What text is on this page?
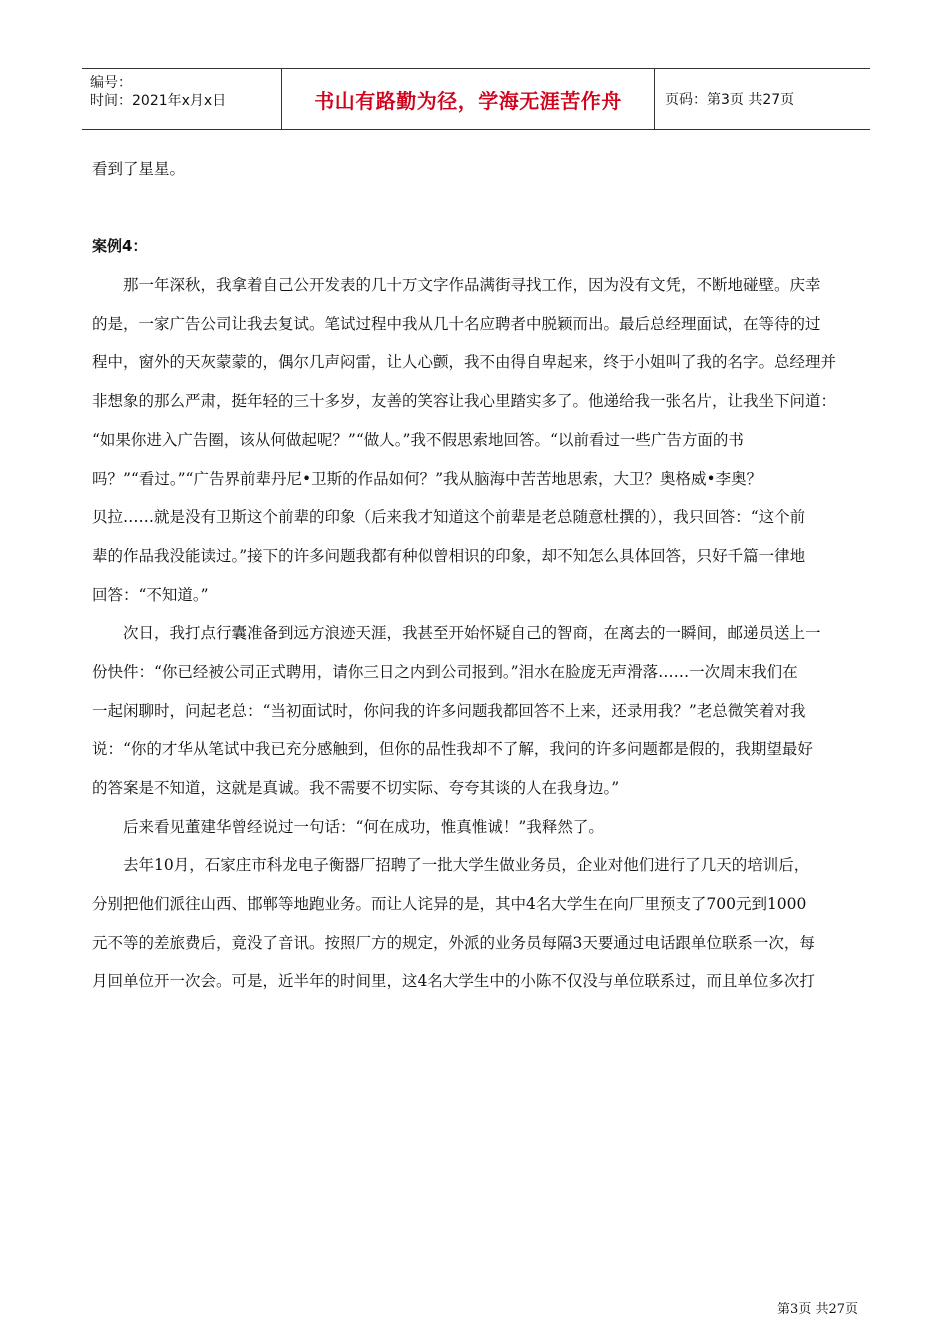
编号：
时间：2021年x月x日	书山有路勤为径，学海无涯苦作舟	页码：第3页 共27页
看到了星星。
案例4：
　　那一年深秋，我拿着自己公开发表的几十万文字作品满街寻找工作，因为没有文凭，不断地碰壁。庆幸
的是，一家广告公司让我去复试。笔试过程中我从几十名应聘者中脱颖而出。最后总经理面试，在等待的过
程中，窗外的天灰蒙蒙的，偶尔几声闷雷，让人心颤，我不由得自卑起来，终于小姐叫了我的名字。总经理并
非想象的那么严肃，挺年轻的三十多岁，友善的笑容让我心里踏实多了。他递给我一张名片，让我坐下问道：
“如果你进入广告圈，该从何做起呢？”“做人。”我不假思索地回答。“以前看过一些广告方面的书
吗？”“看过。”“广告界前辈丹尼•卫斯的作品如何？”我从脑海中苦苦地思索，大卫？奥格威•李奥？
贝拉……就是没有卫斯这个前辈的印象（后来我才知道这个前辈是老总随意杜撰的），我只回答：“这个前
辈的作品我没能读过。”接下的许多问题我都有种似曾相识的印象，却不知怎么具体回答，只好千篇一律地
回答：“不知道。”
　　次日，我打点行囊准备到远方浪迹天涯，我甚至开始怀疑自己的智商，在离去的一瞬间，邮递员送上一
份快件：“你已经被公司正式聘用，请你三日之内到公司报到。”泪水在脸庞无声滑落……一次周末我们在
一起闲聊时，问起老总：“当初面试时，你问我的许多问题我都回答不上来，还录用我？”老总微笑着对我
说：“你的才华从笔试中我已充分感触到，但你的品性我却不了解，我问的许多问题都是假的，我期望最好
的答案是不知道，这就是真诚。我不需要不切实际、夸夸其谈的人在我身边。”
　　后来看见董建华曾经说过一句话：“何在成功，惟真惟诚！”我释然了。
　　去年10月，石家庄市科龙电子衡器厂招聘了一批大学生做业务员，企业对他们进行了几天的培训后，
分别把他们派往山西、邯郸等地跑业务。而让人诧异的是，其中4名大学生在向厂里预支了700元到1000
元不等的差旅费后，竟没了音讯。按照厂方的规定，外派的业务员每隔3天要通过电话跟单位联系一次，每
月回单位开一次会。可是，近半年的时间里，这4名大学生中的小陈不仅没与单位联系过，而且单位多次打
第3页 共27页
